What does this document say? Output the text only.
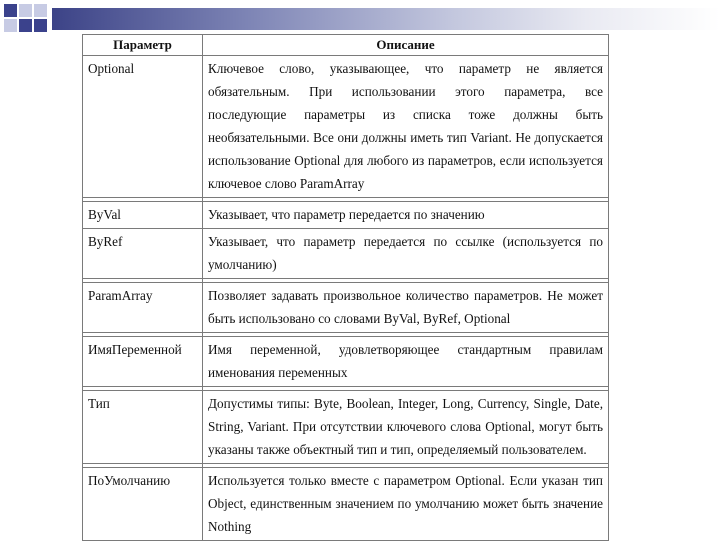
Параметр	Описание
Optional	Ключевое слово, указывающее, что параметр не является обязательным. При использовании этого параметра, все последующие параметры из списка тоже должны быть необязательными. Все они должны иметь тип Variant. Не допускается использование Optional для любого из параметров, если используется ключевое слово ParamArray

ByVal	Указывает, что параметр передается по значению
ByRef	Указывает, что параметр передается по ссылке (используется по умолчанию)

ParamArray	Позволяет задавать произвольное количество параметров. Не может быть использовано со словами ByVal, ByRef, Optional

ИмяПеременной	Имя переменной, удовлетворяющее стандартным правилам именования переменных

Тип	Допустимы типы: Byte, Boolean, Integer, Long, Currency, Single, Date, String, Variant. При отсутствии ключевого слова Optional, могут быть указаны также объектный тип и тип, определяемый пользователем.

ПоУмолчанию	Используется только вместе с параметром Optional. Если указан тип Object, единственным значением по умолчанию может быть значение Nothing
